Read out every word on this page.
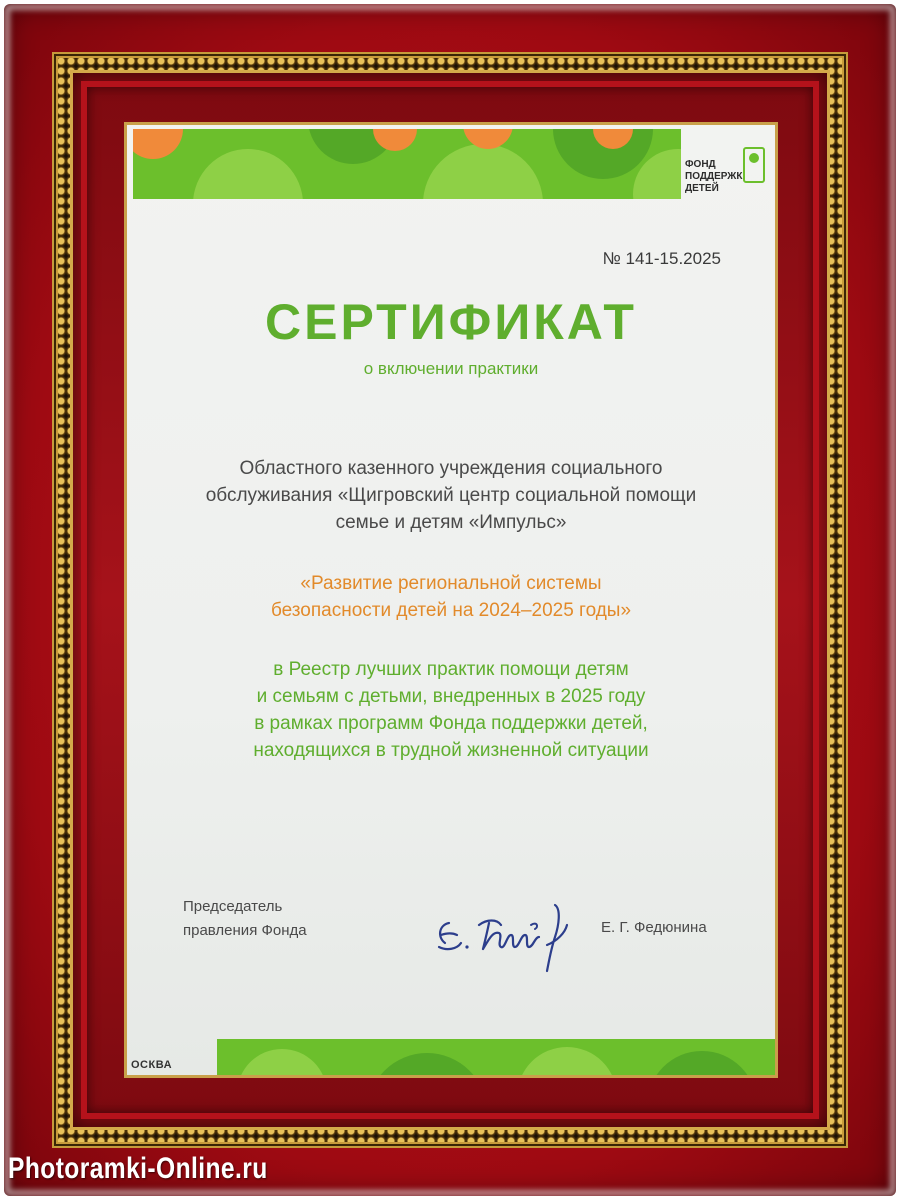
ФОНД
ПОДДЕРЖК
ДЕТЕЙ
№ 141-15.2025
СЕРТИФИКАТ
о включении практики
Областного казенного учреждения социального
обслуживания «Щигровский центр социальной помощи
семье и детям «Импульс»
«Развитие региональной системы
безопасности детей на 2024–2025 годы»
в Реестр лучших практик помощи детям
и семьям с детьми, внедренных в 2025 году
в рамках программ Фонда поддержки детей,
находящихся в трудной жизненной ситуации
Председатель
правления Фонда	Е. Г. Федюнина
ОСКВА
Photoramki-Online.ru
